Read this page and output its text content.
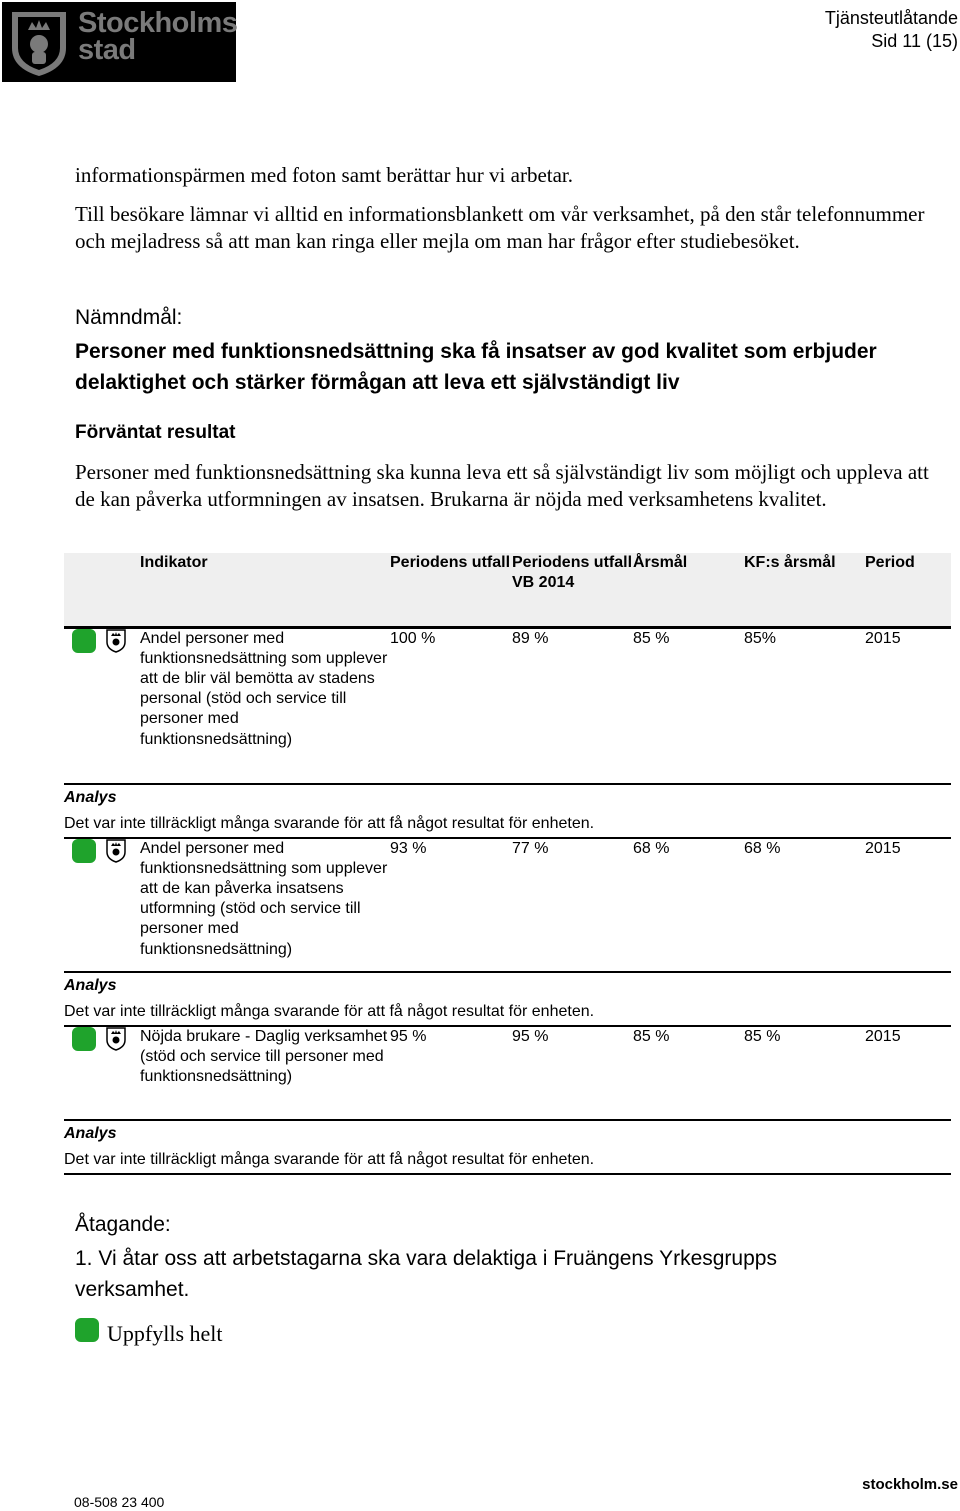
Stockholms
stad
Tjänsteutlåtande
Sid 11 (15)
informationspärmen med foton samt berättar hur vi arbetar.
Till besökare lämnar vi alltid en informationsblankett om vår verksamhet, på den står telefonnummer och mejladress så att man kan ringa eller mejla om man har frågor efter studiebesöket.
Nämndmål:
Personer med funktionsnedsättning ska få insatser av god kvalitet som erbjuder delaktighet och stärker förmågan att leva ett självständigt liv
Förväntat resultat
Personer med funktionsnedsättning ska kunna leva ett så självständigt liv som möjligt och uppleva att de kan påverka utformningen av insatsen. Brukarna är nöjda med verksamhetens kvalitet.
	Indikator	Periodens utfall	Periodens utfall VB 2014	Årsmål	KF:s årsmål	Period

	Andel personer med funktionsnedsättning som upplever att de blir väl bemötta av stadens personal (stöd och service till personer med funktionsnedsättning)	100 %	89 %	85 %	85%	2015

Analys
Det var inte tillräckligt många svarande för att få något resultat för enheten.						

	Andel personer med funktionsnedsättning som upplever att de kan påverka insatsens utformning (stöd och service till personer med funktionsnedsättning)	93 %	77 %	68 %	68 %	2015

Analys
Det var inte tillräckligt många svarande för att få något resultat för enheten.						

	Nöjda brukare - Daglig verksamhet (stöd och service till personer med funktionsnedsättning)	95 %	95 %	85 %	85 %	2015

Analys
Det var inte tillräckligt många svarande för att få något resultat för enheten.						
Åtagande:
1. Vi åtar oss att arbetstagarna ska vara delaktiga i Fruängens Yrkesgrupps verksamhet.
Uppfylls helt
stockholm.se
08-508 23 400
